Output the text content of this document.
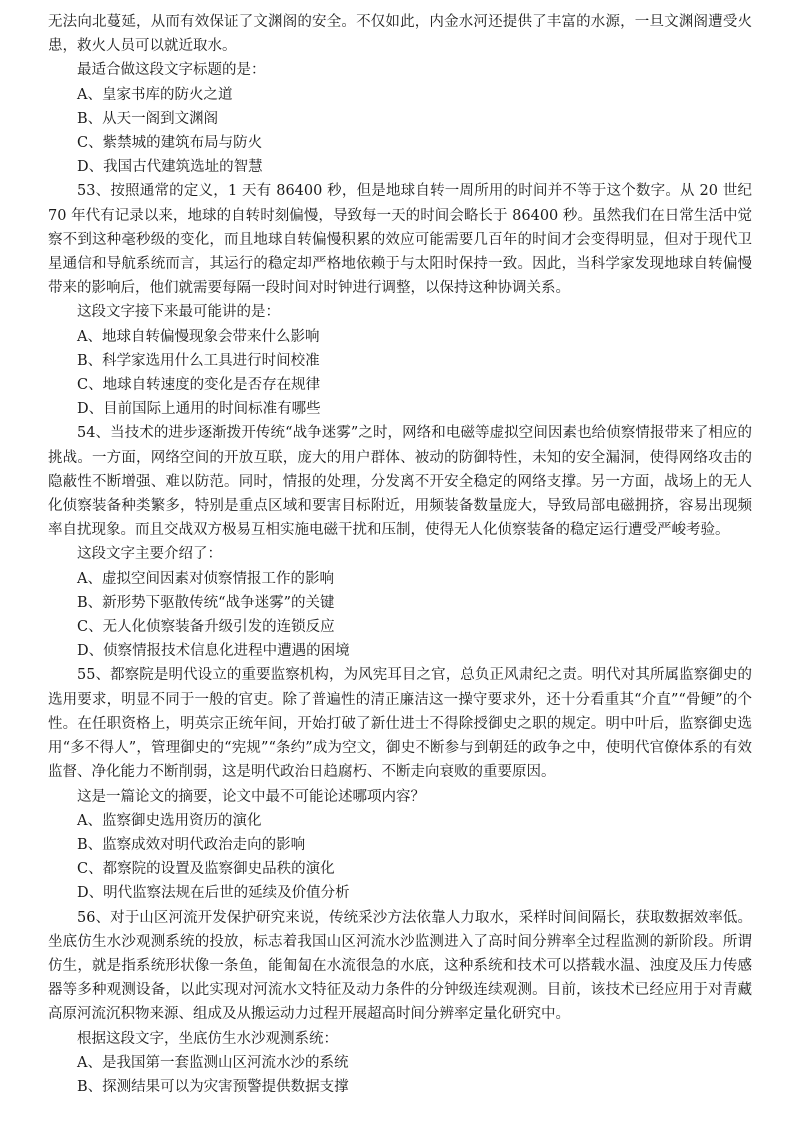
无法向北蔓延，从而有效保证了文渊阁的安全。不仅如此，内金水河还提供了丰富的水源，一旦文渊阁遭受火患，救火人员可以就近取水。

最适合做这段文字标题的是：

A、皇家书库的防火之道

B、从天一阁到文渊阁

C、紫禁城的建筑布局与防火

D、我国古代建筑选址的智慧

53、按照通常的定义，1 天有 86400 秒，但是地球自转一周所用的时间并不等于这个数字。从 20 世纪 70 年代有记录以来，地球的自转时刻偏慢，导致每一天的时间会略长于 86400 秒。虽然我们在日常生活中觉察不到这种毫秒级的变化，而且地球自转偏慢积累的效应可能需要几百年的时间才会变得明显，但对于现代卫星通信和导航系统而言，其运行的稳定却严格地依赖于与太阳时保持一致。因此，当科学家发现地球自转偏慢带来的影响后，他们就需要每隔一段时间对时钟进行调整，以保持这种协调关系。

这段文字接下来最可能讲的是：

A、地球自转偏慢现象会带来什么影响

B、科学家选用什么工具进行时间校准

C、地球自转速度的变化是否存在规律

D、目前国际上通用的时间标准有哪些

54、当技术的进步逐渐拨开传统“战争迷雾”之时，网络和电磁等虚拟空间因素也给侦察情报带来了相应的挑战。一方面，网络空间的开放互联，庞大的用户群体、被动的防御特性，未知的安全漏洞，使得网络攻击的隐蔽性不断增强、难以防范。同时，情报的处理，分发离不开安全稳定的网络支撑。另一方面，战场上的无人化侦察装备种类繁多，特别是重点区域和要害目标附近，用频装备数量庞大，导致局部电磁拥挤，容易出现频率自扰现象。而且交战双方极易互相实施电磁干扰和压制，使得无人化侦察装备的稳定运行遭受严峻考验。

这段文字主要介绍了：

A、虚拟空间因素对侦察情报工作的影响

B、新形势下驱散传统“战争迷雾”的关键

C、无人化侦察装备升级引发的连锁反应

D、侦察情报技术信息化进程中遭遇的困境

55、都察院是明代设立的重要监察机构，为风宪耳目之官，总负正风肃纪之责。明代对其所属监察御史的选用要求，明显不同于一般的官吏。除了普遍性的清正廉洁这一操守要求外，还十分看重其“介直”“骨鲠”的个性。在任职资格上，明英宗正统年间，开始打破了新仕进士不得除授御史之职的规定。明中叶后，监察御史选用“多不得人”，管理御史的“宪规”“条约”成为空文，御史不断参与到朝廷的政争之中，使明代官僚体系的有效监督、净化能力不断削弱，这是明代政治日趋腐朽、不断走向衰败的重要原因。

这是一篇论文的摘要，论文中最不可能论述哪项内容？

A、监察御史选用资历的演化

B、监察成效对明代政治走向的影响

C、都察院的设置及监察御史品秩的演化

D、明代监察法规在后世的延续及价值分析

56、对于山区河流开发保护研究来说，传统采沙方法依靠人力取水，采样时间间隔长，获取数据效率低。坐底仿生水沙观测系统的投放，标志着我国山区河流水沙监测进入了高时间分辨率全过程监测的新阶段。所谓仿生，就是指系统形状像一条鱼，能匍匐在水流很急的水底，这种系统和技术可以搭载水温、浊度及压力传感器等多种观测设备，以此实现对河流水文特征及动力条件的分钟级连续观测。目前，该技术已经应用于对青藏高原河流沉积物来源、组成及从搬运动力过程开展超高时间分辨率定量化研究中。

根据这段文字，坐底仿生水沙观测系统：

A、是我国第一套监测山区河流水沙的系统

B、探测结果可以为灾害预警提供数据支撑
